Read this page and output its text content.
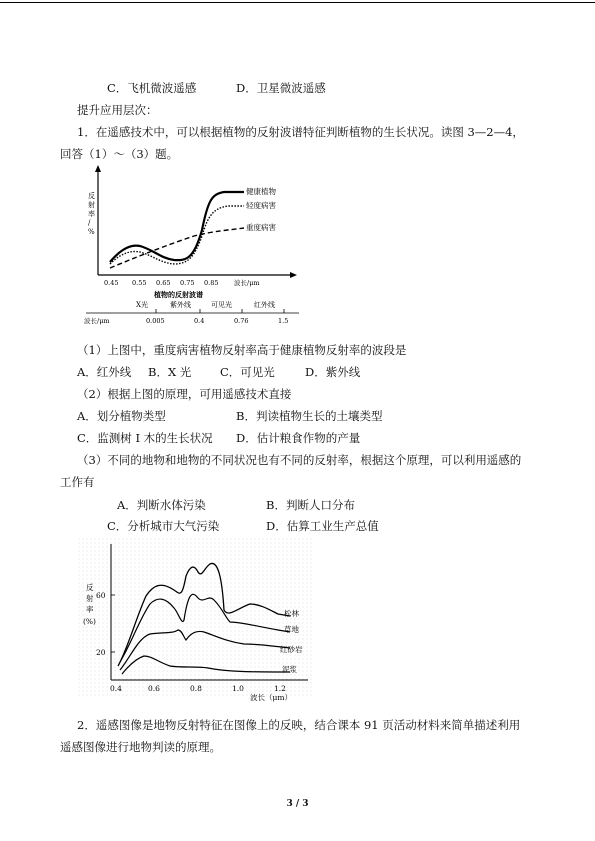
C．飞机微波遥感	D．卫星微波遥感
提升应用层次：
1．在遥感技术中，可以根据植物的反射波谱特征判断植物的生长状况。读图 3—2—4，
回答（1）～（3）题。
反
射
率
/
%
健康植物
轻度病害
重度病害
0.45 0.55 0.65 0.75 0.85 波长/μm
植物的反射波谱
X光	紫外线	可见光	红外线
波长/μm	0.005	0.4	0.76	1.5
（1）上图中，重度病害植物反射率高于健康植物反射率的波段是
A．红外线 B．X 光 C．可见光	D．紫外线
（2）根据上图的原理，可用遥感技术直接
A．划分植物类型	B．判读植物生长的土壤类型
C．监测树 I 木的生长状况 D．估计粮食作物的产量
（3）不同的地物和地物的不同状况也有不同的反射率，根据这个原理，可以利用遥感的
工作有
A．判断水体污染	B．判断人口分布
C．分析城市大气污染	D．估算工业生产总值
反
射
率
(%)
60
20
0.4	0.6	0.8	1.0	1.2
波长（μm）
松林
草地
红砂岩
泥浆
2．遥感图像是地物反射特征在图像上的反映，结合课本 91 页活动材料来简单描述利用
遥感图像进行地物判读的原理。
3 / 3
